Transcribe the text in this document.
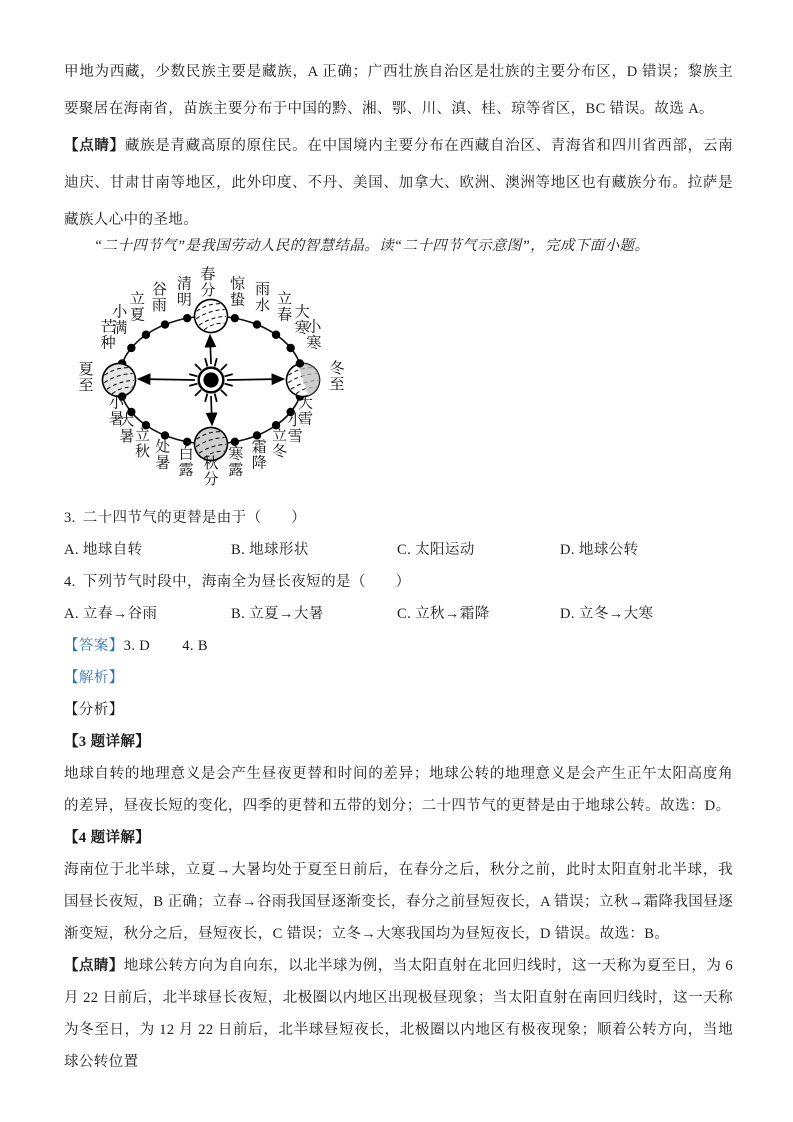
甲地为西藏，少数民族主要是藏族，A 正确；广西壮族自治区是壮族的主要分布区，D 错误；黎族主要聚居在海南省，苗族主要分布于中国的黔、湘、鄂、川、滇、桂、琼等省区，BC 错误。故选 A。

【点睛】藏族是青藏高原的原住民。在中国境内主要分布在西藏自治区、青海省和四川省西部，云南迪庆、甘肃甘南等地区，此外印度、不丹、美国、加拿大、欧洲、澳洲等地区也有藏族分布。拉萨是藏族人心中的圣地。

“二十四节气”是我国劳动人民的智慧结晶。读“二十四节气示意图”，完成下面小题。

春分
清明
谷雨
立夏
小满
芒种
夏至
小暑
大暑 立秋 处暑
白露 秋分
寒露
霜降
立冬
小雪
大雪
冬至
小寒
大寒
立春
雨水
惊蛰

3. 二十四节气的更替是由于（　　）

A. 地球自转	B. 地球形状	C. 太阳运动	D. 地球公转

4. 下列节气时段中，海南全为昼长夜短的是（　　）

A. 立春→谷雨	B. 立夏→大暑	C. 立秋→霜降	D. 立冬→大寒

【答案】3. D 4. B

【解析】

【分析】

【3 题详解】

地球自转的地理意义是会产生昼夜更替和时间的差异；地球公转的地理意义是会产生正午太阳高度角的差异，昼夜长短的变化，四季的更替和五带的划分；二十四节气的更替是由于地球公转。故选：D。

【4 题详解】

海南位于北半球，立夏→大暑均处于夏至日前后，在春分之后，秋分之前，此时太阳直射北半球，我国昼长夜短，B 正确；立春→谷雨我国昼逐渐变长，春分之前昼短夜长，A 错误；立秋→霜降我国昼逐渐变短，秋分之后，昼短夜长，C 错误；立冬→大寒我国均为昼短夜长，D 错误。故选：B。

【点睛】地球公转方向为自向东，以北半球为例，当太阳直射在北回归线时，这一天称为夏至日，为 6 月 22 日前后，北半球昼长夜短，北极圈以内地区出现极昼现象；当太阳直射在南回归线时，这一天称为冬至日，为 12 月 22 日前后，北半球昼短夜长，北极圈以内地区有极夜现象；顺着公转方向，当地球公转位置
